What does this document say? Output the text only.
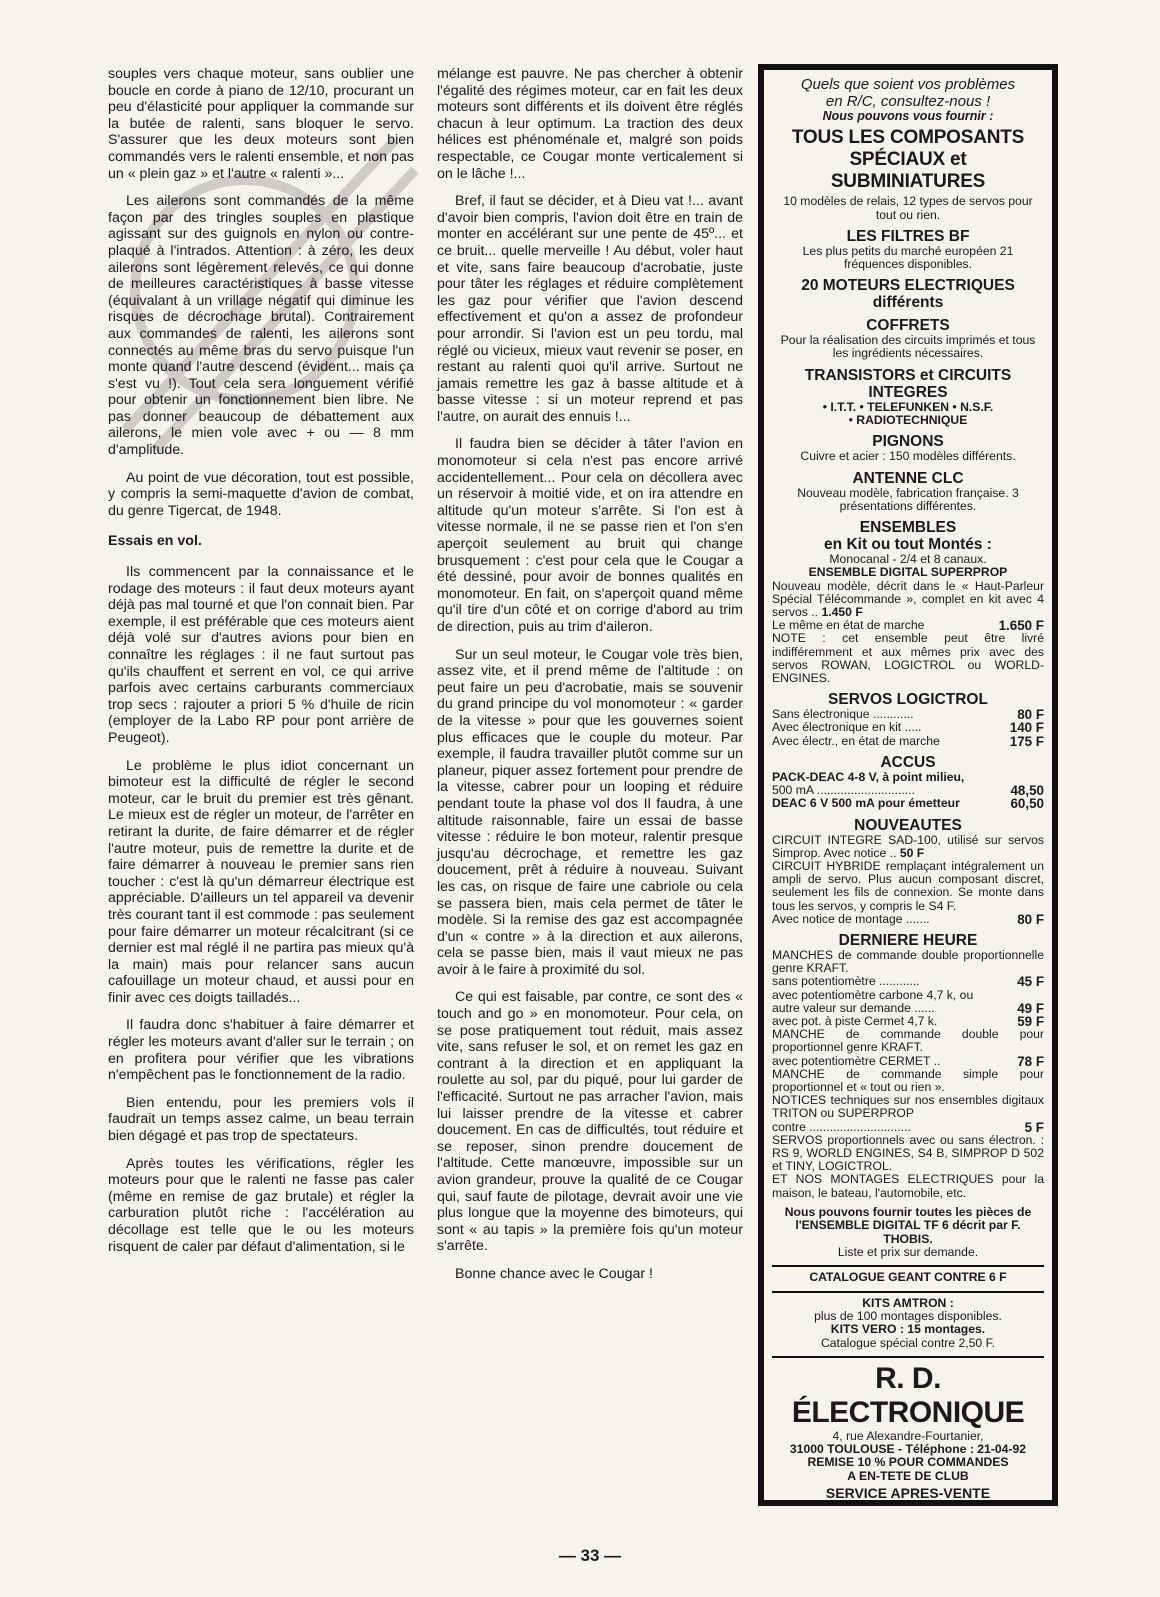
souples vers chaque moteur, sans oublier une boucle en corde à piano de 12/10, procurant un peu d'élasticité pour appliquer la commande sur la butée de ralenti, sans bloquer le servo. S'assurer que les deux moteurs sont bien commandés vers le ralenti ensemble, et non pas un « plein gaz » et l'autre « ralenti »...

Les ailerons sont commandés de la même façon par des tringles souples en plastique agissant sur des guignols en nylon ou contre-plaqué à l'intrados. Attention : à zéro, les deux ailerons sont légèrement relevés, ce qui donne de meilleures caractéristiques à basse vitesse (équivalant à un vrillage négatif qui diminue les risques de décrochage brutal). Contrairement aux commandes de ralenti, les ailerons sont connectés au même bras du servo puisque l'un monte quand l'autre descend (évident... mais ça s'est vu !). Tout cela sera longuement vérifié pour obtenir un fonctionnement bien libre. Ne pas donner beaucoup de débattement aux ailerons, le mien vole avec + ou — 8 mm d'amplitude.

Au point de vue décoration, tout est possible, y compris la semi-maquette d'avion de combat, du genre Tigercat, de 1948.

Essais en vol.

Ils commencent par la connaissance et le rodage des moteurs : il faut deux moteurs ayant déjà pas mal tourné et que l'on connait bien. Par exemple, il est préférable que ces moteurs aient déjà volé sur d'autres avions pour bien en connaître les réglages : il ne faut surtout pas qu'ils chauffent et serrent en vol, ce qui arrive parfois avec certains carburants commerciaux trop secs : rajouter a priori 5 % d'huile de ricin (employer de la Labo RP pour pont arrière de Peugeot).

Le problème le plus idiot concernant un bimoteur est la difficulté de régler le second moteur, car le bruit du premier est très gênant. Le mieux est de régler un moteur, de l'arrêter en retirant la durite, de faire démarrer et de régler l'autre moteur, puis de remettre la durite et de faire démarrer à nouveau le premier sans rien toucher : c'est là qu'un démarreur électrique est appréciable. D'ailleurs un tel appareil va devenir très courant tant il est commode : pas seulement pour faire démarrer un moteur récalcitrant (si ce dernier est mal réglé il ne partira pas mieux qu'à la main) mais pour relancer sans aucun cafouillage un moteur chaud, et aussi pour en finir avec ces doigts tailladés...

Il faudra donc s'habituer à faire démarrer et régler les moteurs avant d'aller sur le terrain ; on en profitera pour vérifier que les vibrations n'empêchent pas le fonctionnement de la radio.

Bien entendu, pour les premiers vols il faudrait un temps assez calme, un beau terrain bien dégagé et pas trop de spectateurs.

Après toutes les vérifications, régler les moteurs pour que le ralenti ne fasse pas caler (même en remise de gaz brutale) et régler la carburation plutôt riche : l'accélération au décollage est telle que le ou les moteurs risquent de caler par défaut d'alimentation, si le

mélange est pauvre. Ne pas chercher à obtenir l'égalité des régimes moteur, car en fait les deux moteurs sont différents et ils doivent être réglés chacun à leur optimum. La traction des deux hélices est phénoménale et, malgré son poids respectable, ce Cougar monte verticalement si on le lâche !...

Bref, il faut se décider, et à Dieu vat !... avant d'avoir bien compris, l'avion doit être en train de monter en accélérant sur une pente de 45º... et ce bruit... quelle merveille ! Au début, voler haut et vite, sans faire beaucoup d'acrobatie, juste pour tâter les réglages et réduire complètement les gaz pour vérifier que l'avion descend effectivement et qu'on a assez de profondeur pour arrondir. Si l'avion est un peu tordu, mal réglé ou vicieux, mieux vaut revenir se poser, en restant au ralenti quoi qu'il arrive. Surtout ne jamais remettre les gaz à basse altitude et à basse vitesse : si un moteur reprend et pas l'autre, on aurait des ennuis !...

Il faudra bien se décider à tâter l'avion en monomoteur si cela n'est pas encore arrivé accidentellement... Pour cela on décollera avec un réservoir à moitié vide, et on ira attendre en altitude qu'un moteur s'arrête. Si l'on est à vitesse normale, il ne se passe rien et l'on s'en aperçoit seulement au bruit qui change brusquement : c'est pour cela que le Cougar a été dessiné, pour avoir de bonnes qualités en monomoteur. En fait, on s'aperçoit quand même qu'il tire d'un côté et on corrige d'abord au trim de direction, puis au trim d'aileron.

Sur un seul moteur, le Cougar vole très bien, assez vite, et il prend même de l'altitude : on peut faire un peu d'acrobatie, mais se souvenir du grand principe du vol monomoteur : « garder de la vitesse » pour que les gouvernes soient plus efficaces que le couple du moteur. Par exemple, il faudra travailler plutôt comme sur un planeur, piquer assez fortement pour prendre de la vitesse, cabrer pour un looping et réduire pendant toute la phase vol dos Il faudra, à une altitude raisonnable, faire un essai de basse vitesse : réduire le bon moteur, ralentir presque jusqu'au décrochage, et remettre les gaz doucement, prêt à réduire à nouveau. Suivant les cas, on risque de faire une cabriole ou cela se passera bien, mais cela permet de tâter le modèle. Si la remise des gaz est accompagnée d'un « contre » à la direction et aux ailerons, cela se passe bien, mais il vaut mieux ne pas avoir à le faire à proximité du sol.

Ce qui est faisable, par contre, ce sont des « touch and go » en monomoteur. Pour cela, on se pose pratiquement tout réduit, mais assez vite, sans refuser le sol, et on remet les gaz en contrant à la direction et en appliquant la roulette au sol, par du piqué, pour lui garder de l'efficacité. Surtout ne pas arracher l'avion, mais lui laisser prendre de la vitesse et cabrer doucement. En cas de difficultés, tout réduire et se reposer, sinon prendre doucement de l'altitude. Cette manœuvre, impossible sur un avion grandeur, prouve la qualité de ce Cougar qui, sauf faute de pilotage, devrait avoir une vie plus longue que la moyenne des bimoteurs, qui sont « au tapis » la première fois qu'un moteur s'arrête.

Bonne chance avec le Cougar !

Quels que soient vos problèmes
en R/C, consultez-nous !
Nous pouvons vous fournir :
TOUS LES COMPOSANTS
SPÉCIAUX et SUBMINIATURES
10 modèles de relais, 12 types de servos pour tout ou rien.
LES FILTRES BF
Les plus petits du marché européen 21 fréquences disponibles.
20 MOTEURS ELECTRIQUES différents
COFFRETS
Pour la réalisation des circuits imprimés et tous les ingrédients nécessaires.
TRANSISTORS et CIRCUITS INTEGRES
• I.T.T. • TELEFUNKEN • N.S.F.
• RADIOTECHNIQUE
PIGNONS
Cuivre et acier : 150 modèles différents.
ANTENNE CLC
Nouveau modèle, fabrication française. 3 présentations différentes.
ENSEMBLES
en Kit ou tout Montés :
Monocanal - 2/4 et 8 canaux.
ENSEMBLE DIGITAL SUPERPROP
Nouveau modèle, décrit dans le « Haut-Parleur Spécial Télécommande », complet en kit avec 4 servos .. 1.450 F
Le même en état de marche	1.650 F
NOTE : cet ensemble peut être livré indifféremment et aux mêmes prix avec des servos ROWAN, LOGICTROL ou WORLD-ENGINES.
SERVOS LOGICTROL
Sans électronique ............	80 F
Avec électronique en kit .....	140 F
Avec électr., en état de marche	175 F
ACCUS
PACK-DEAC 4-8 V, à point milieu,
500 mA .............................	48,50
DEAC 6 V 500 mA pour émetteur	60,50
NOUVEAUTES
CIRCUIT INTEGRE SAD-100, utilisé sur servos Simprop. Avec notice .. 50 F
CIRCUIT HYBRIDE remplaçant intégralement un ampli de servo. Plus aucun composant discret, seulement les fils de connexion. Se monte dans tous les servos, y compris le S4 F.
Avec notice de montage .......	80 F
DERNIERE HEURE
MANCHES de commande double proportionnelle genre KRAFT.
sans potentiomètre ............	45 F
avec potentiomètre carbone 4,7 k, ou
autre valeur sur demande ......	49 F
avec pot. à piste Cermet 4,7 k.	59 F
MANCHE de commande double pour proportionnel genre KRAFT.
avec potentiomètre CERMET ..	78 F
MANCHE de commande simple pour proportionnel et « tout ou rien ».
NOTICES techniques sur nos ensembles digitaux TRITON ou SUPERPROP
contre ..............................	5 F
SERVOS proportionnels avec ou sans électron. : RS 9, WORLD ENGINES, S4 B, SIMPROP D 502 et TINY, LOGICTROL.
ET NOS MONTAGES ELECTRIQUES pour la maison, le bateau, l'automobile, etc.
Nous pouvons fournir toutes les pièces de l'ENSEMBLE DIGITAL TF 6 décrit par F. THOBIS.
Liste et prix sur demande.
CATALOGUE GEANT CONTRE 6 F
KITS AMTRON :
plus de 100 montages disponibles.
KITS VERO : 15 montages.
Catalogue spécial contre 2,50 F.
R. D. ÉLECTRONIQUE
4, rue Alexandre-Fourtanier,
31000 TOULOUSE - Téléphone : 21-04-92
REMISE 10 % POUR COMMANDES
A EN-TETE DE CLUB
SERVICE APRES-VENTE
— 33 —
